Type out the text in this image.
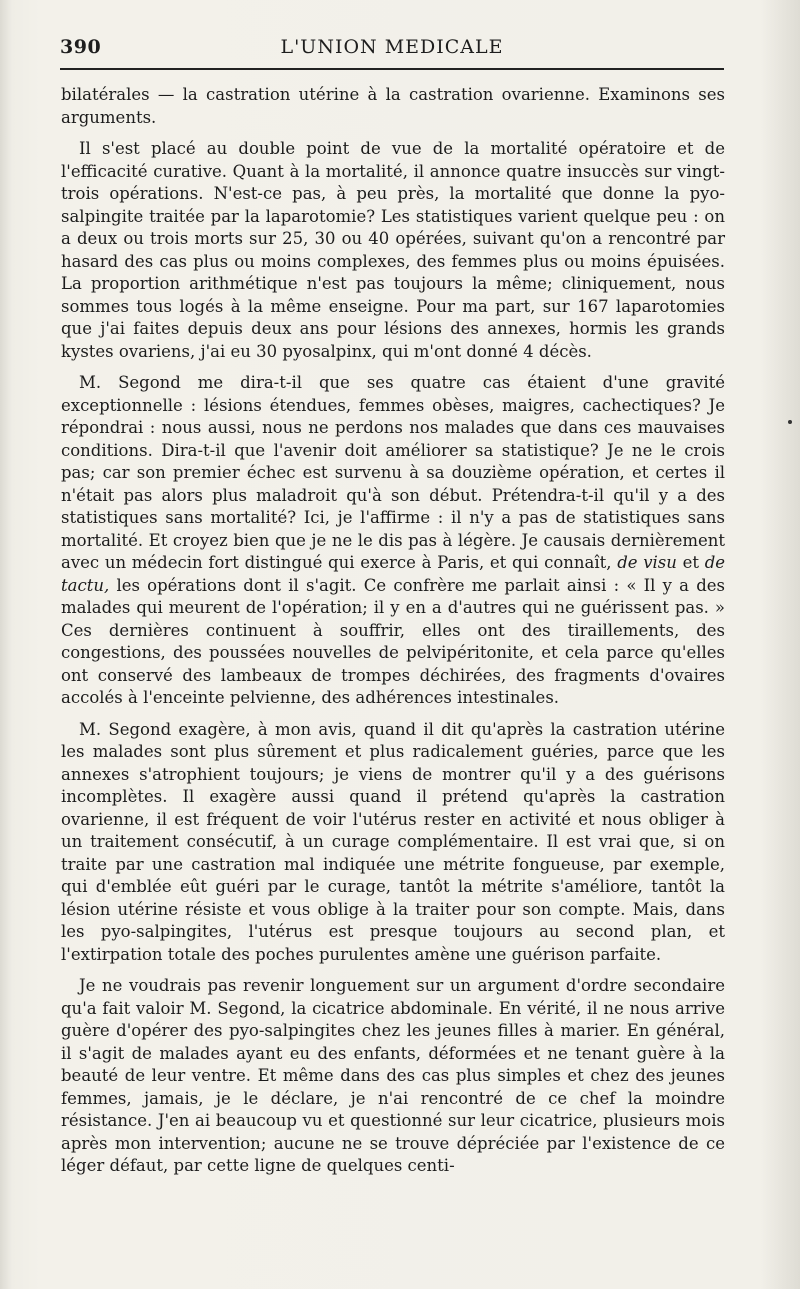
390	L'UNION MEDICALE

bilatérales — la castration utérine à la castration ovarienne. Examinons ses arguments.

Il s'est placé au double point de vue de la mortalité opératoire et de l'efficacité curative. Quant à la mortalité, il annonce quatre insuccès sur vingt-trois opérations. N'est-ce pas, à peu près, la mortalité que donne la pyo-salpingite traitée par la laparotomie? Les statistiques varient quelque peu : on a deux ou trois morts sur 25, 30 ou 40 opérées, suivant qu'on a rencontré par hasard des cas plus ou moins complexes, des femmes plus ou moins épuisées. La proportion arithmétique n'est pas toujours la même; cliniquement, nous sommes tous logés à la même enseigne. Pour ma part, sur 167 laparotomies que j'ai faites depuis deux ans pour lésions des annexes, hormis les grands kystes ovariens, j'ai eu 30 pyosalpinx, qui m'ont donné 4 décès.

M. Segond me dira-t-il que ses quatre cas étaient d'une gravité exceptionnelle : lésions étendues, femmes obèses, maigres, cachectiques? Je répondrai : nous aussi, nous ne perdons nos malades que dans ces mauvaises conditions. Dira-t-il que l'avenir doit améliorer sa statistique? Je ne le crois pas; car son premier échec est survenu à sa douzième opération, et certes il n'était pas alors plus maladroit qu'à son début. Prétendra-t-il qu'il y a des statistiques sans mortalité? Ici, je l'affirme : il n'y a pas de statistiques sans mortalité. Et croyez bien que je ne le dis pas à légère. Je causais dernièrement avec un médecin fort distingué qui exerce à Paris, et qui connaît, de visu et de tactu, les opérations dont il s'agit. Ce confrère me parlait ainsi : « Il y a des malades qui meurent de l'opération; il y en a d'autres qui ne guérissent pas. » Ces dernières continuent à souffrir, elles ont des tiraillements, des congestions, des poussées nouvelles de pelvipéritonite, et cela parce qu'elles ont conservé des lambeaux de trompes déchirées, des fragments d'ovaires accolés à l'enceinte pelvienne, des adhérences intestinales.

M. Segond exagère, à mon avis, quand il dit qu'après la castration utérine les malades sont plus sûrement et plus radicalement guéries, parce que les annexes s'atrophient toujours; je viens de montrer qu'il y a des guérisons incomplètes. Il exagère aussi quand il prétend qu'après la castration ovarienne, il est fréquent de voir l'utérus rester en activité et nous obliger à un traitement consécutif, à un curage complémentaire. Il est vrai que, si on traite par une castration mal indiquée une métrite fongueuse, par exemple, qui d'emblée eût guéri par le curage, tantôt la métrite s'améliore, tantôt la lésion utérine résiste et vous oblige à la traiter pour son compte. Mais, dans les pyo-salpingites, l'utérus est presque toujours au second plan, et l'extirpation totale des poches purulentes amène une guérison parfaite.

Je ne voudrais pas revenir longuement sur un argument d'ordre secondaire qu'a fait valoir M. Segond, la cicatrice abdominale. En vérité, il ne nous arrive guère d'opérer des pyo-salpingites chez les jeunes filles à marier. En général, il s'agit de malades ayant eu des enfants, déformées et ne tenant guère à la beauté de leur ventre. Et même dans des cas plus simples et chez des jeunes femmes, jamais, je le déclare, je n'ai rencontré de ce chef la moindre résistance. J'en ai beaucoup vu et questionné sur leur cicatrice, plusieurs mois après mon intervention; aucune ne se trouve dépréciée par l'existence de ce léger défaut, par cette ligne de quelques centi-
